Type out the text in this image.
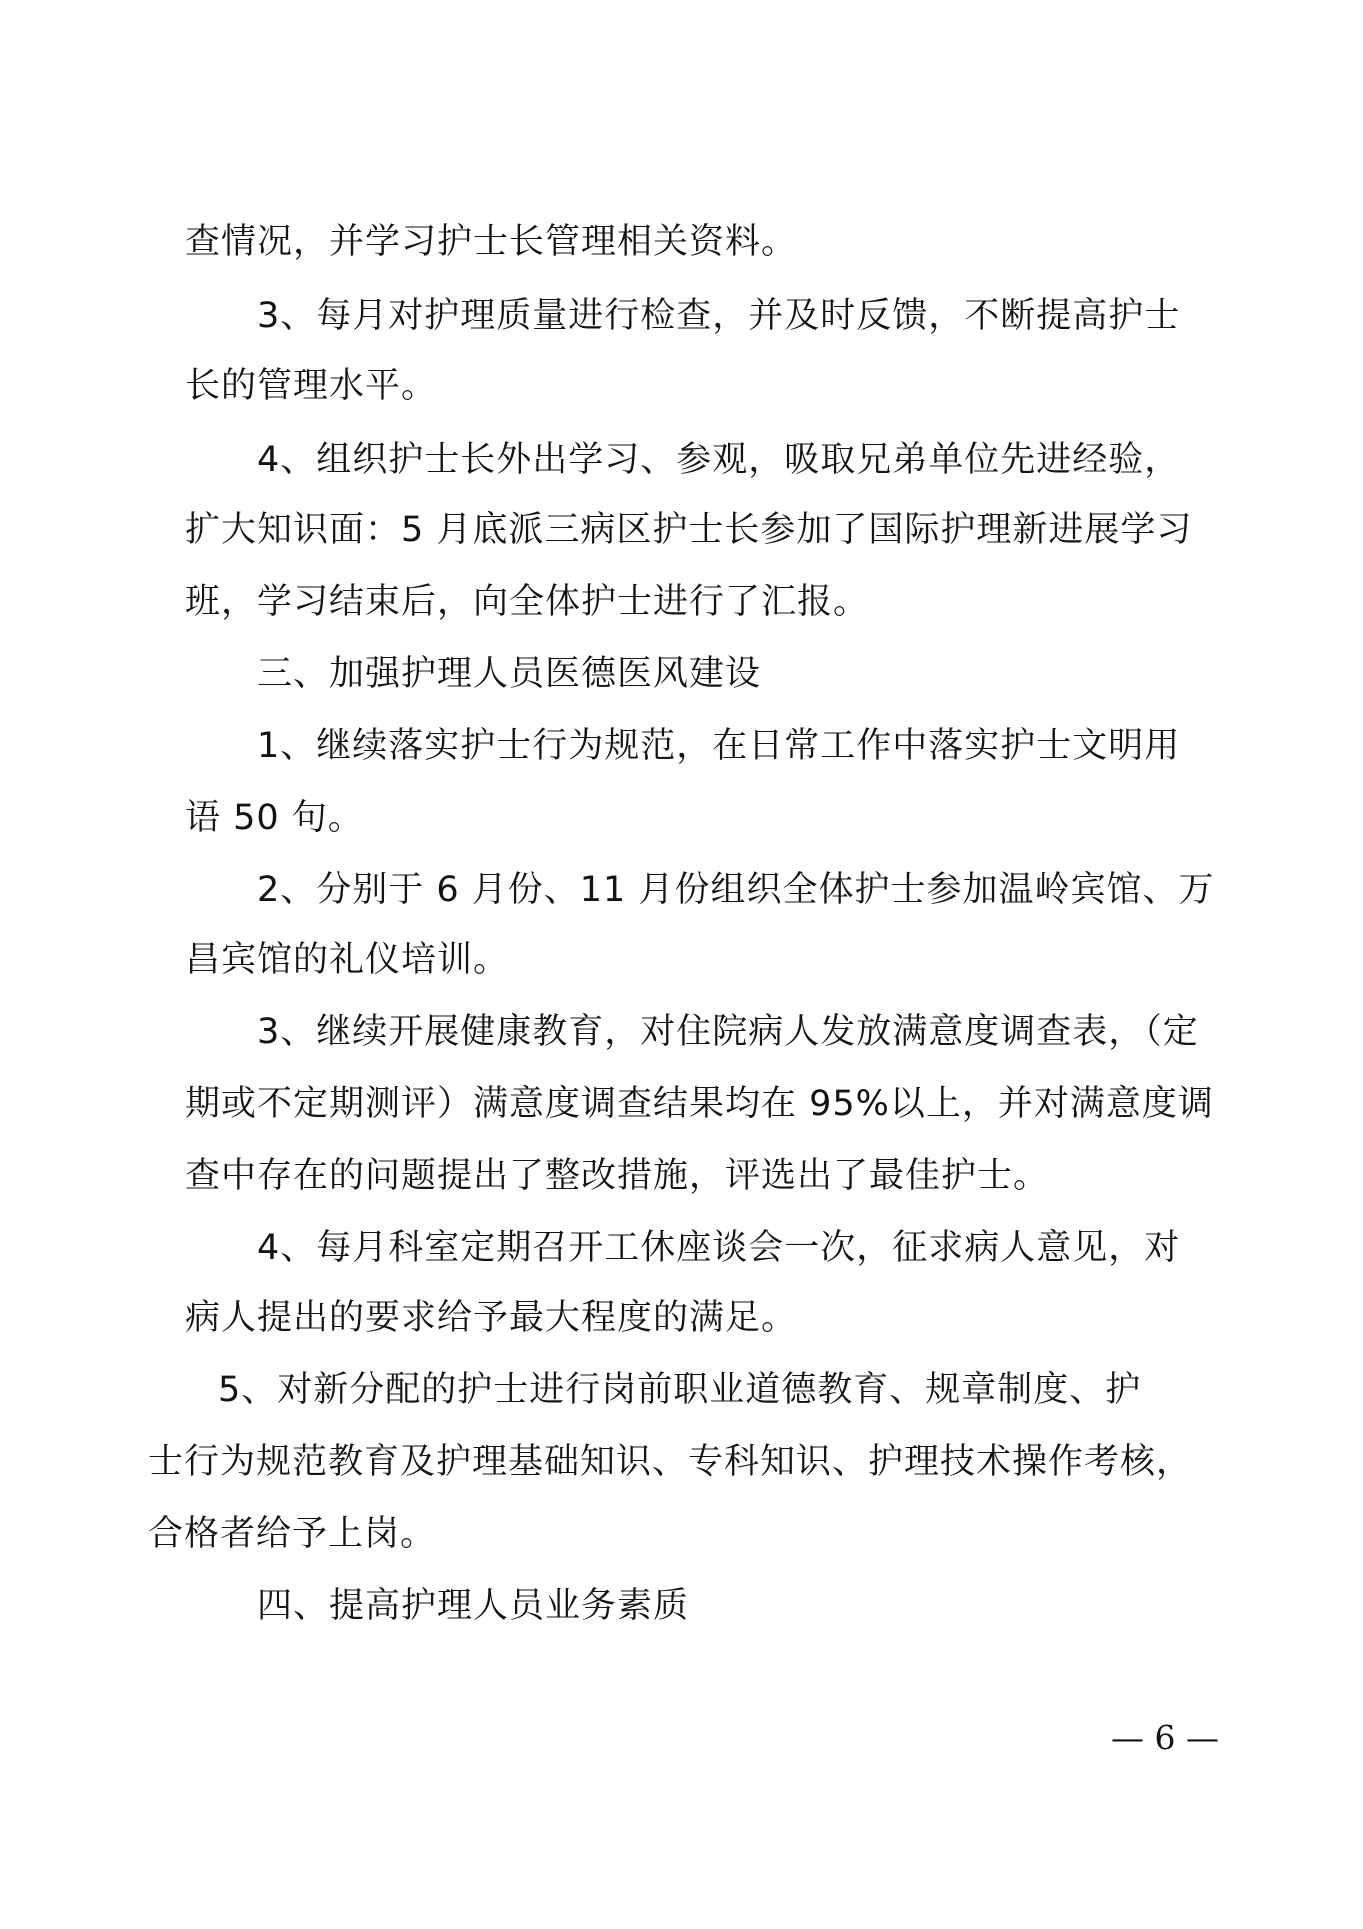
查情况，并学习护士长管理相关资料。
3、每月对护理质量进行检查，并及时反馈，不断提高护士
长的管理水平。
4、组织护士长外出学习、参观，吸取兄弟单位先进经验，
扩大知识面：5 月底派三病区护士长参加了国际护理新进展学习
班，学习结束后，向全体护士进行了汇报。
三、加强护理人员医德医风建设
1、继续落实护士行为规范，在日常工作中落实护士文明用
语 50 句。
2、分别于 6 月份、11 月份组织全体护士参加温岭宾馆、万
昌宾馆的礼仪培训。
3、继续开展健康教育，对住院病人发放满意度调查表，（定
期或不定期测评）满意度调查结果均在 95%以上，并对满意度调
查中存在的问题提出了整改措施，评选出了最佳护士。
4、每月科室定期召开工休座谈会一次，征求病人意见，对
病人提出的要求给予最大程度的满足。
5、对新分配的护士进行岗前职业道德教育、规章制度、护
士行为规范教育及护理基础知识、专科知识、护理技术操作考核，
合格者给予上岗。
四、提高护理人员业务素质
— 6 —
